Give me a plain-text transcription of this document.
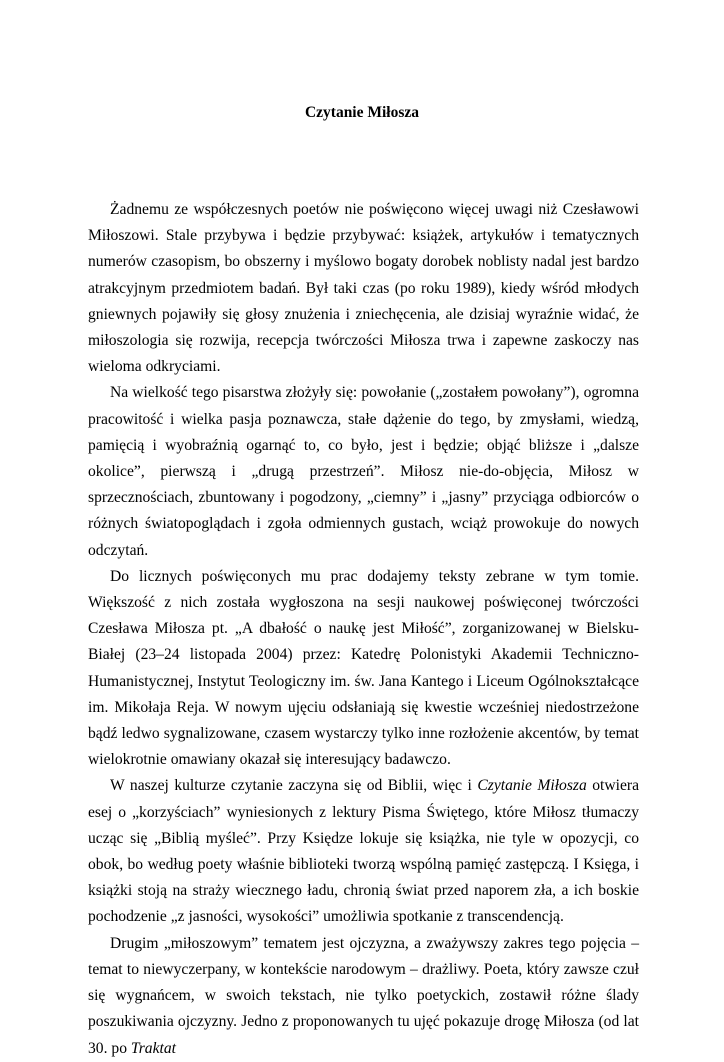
Czytanie Miłosza

Żadnemu ze współczesnych poetów nie poświęcono więcej uwagi niż Czesławowi Miłoszowi. Stale przybywa i będzie przybywać: książek, artykułów i tematycznych numerów czasopism, bo obszerny i myślowo bogaty dorobek noblisty nadal jest bardzo atrakcyjnym przedmiotem badań. Był taki czas (po roku 1989), kiedy wśród młodych gniewnych pojawiły się głosy znużenia i zniechęcenia, ale dzisiaj wyraźnie widać, że miłoszologia się rozwija, recepcja twórczości Miłosza trwa i zapewne zaskoczy nas wieloma odkryciami.

Na wielkość tego pisarstwa złożyły się: powołanie („zostałem powołany”), ogromna pracowitość i wielka pasja poznawcza, stałe dążenie do tego, by zmysłami, wiedzą, pamięcią i wyobraźnią ogarnąć to, co było, jest i będzie; objąć bliższe i „dalsze okolice”, pierwszą i „drugą przestrzeń”. Miłosz nie-do-objęcia, Miłosz w sprzecznościach, zbuntowany i pogodzony, „ciemny” i „jasny” przyciąga odbiorców o różnych światopoglądach i zgoła odmiennych gustach, wciąż prowokuje do nowych odczytań.

Do licznych poświęconych mu prac dodajemy teksty zebrane w tym tomie. Większość z nich została wygłoszona na sesji naukowej poświęconej twórczości Czesława Miłosza pt. „A dbałość o naukę jest Miłość”, zorganizowanej w Bielsku-Białej (23–24 listopada 2004) przez: Katedrę Polonistyki Akademii Techniczno-Humanistycznej, Instytut Teologiczny im. św. Jana Kantego i Liceum Ogólnokształcące im. Mikołaja Reja. W nowym ujęciu odsłaniają się kwestie wcześniej niedostrzeżone bądź ledwo sygnalizowane, czasem wystarczy tylko inne rozłożenie akcentów, by temat wielokrotnie omawiany okazał się interesujący badawczo.

W naszej kulturze czytanie zaczyna się od Biblii, więc i Czytanie Miłosza otwiera esej o „korzyściach” wyniesionych z lektury Pisma Świętego, które Miłosz tłumaczy ucząc się „Biblią myśleć”. Przy Księdze lokuje się książka, nie tyle w opozycji, co obok, bo według poety właśnie biblioteki tworzą wspólną pamięć zastępczą. I Księga, i książki stoją na straży wiecznego ładu, chronią świat przed naporem zła, a ich boskie pochodzenie „z jasności, wysokości” umożliwia spotkanie z transcendencją.

Drugim „miłoszowym” tematem jest ojczyzna, a zważywszy zakres tego pojęcia – temat to niewyczerpany, w kontekście narodowym – drażliwy. Poeta, który zawsze czuł się wygnańcem, w swoich tekstach, nie tylko poetyckich, zostawił różne ślady poszukiwania ojczyzny. Jedno z proponowanych tu ujęć pokazuje drogę Miłosza (od lat 30. po Traktat
